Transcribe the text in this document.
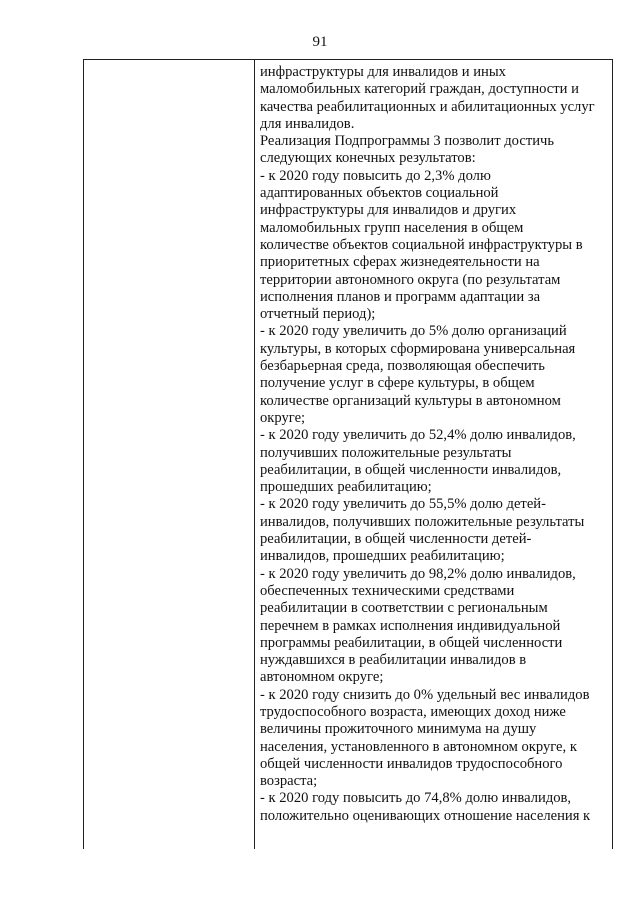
91
инфраструктуры для инвалидов и иных
маломобильных категорий граждан, доступности и
качества реабилитационных и абилитационных услуг
для инвалидов.
Реализация Подпрограммы 3 позволит достичь
следующих конечных результатов:
- к 2020 году повысить до 2,3% долю
адаптированных объектов социальной
инфраструктуры для инвалидов и других
маломобильных групп населения в общем
количестве объектов социальной инфраструктуры в
приоритетных сферах жизнедеятельности на
территории автономного округа (по результатам
исполнения планов и программ адаптации за
отчетный период);
- к 2020 году увеличить до 5% долю организаций
культуры, в которых сформирована универсальная
безбарьерная среда, позволяющая обеспечить
получение услуг в сфере культуры, в общем
количестве организаций культуры в автономном
округе;
- к 2020 году увеличить до 52,4% долю инвалидов,
получивших положительные результаты
реабилитации, в общей численности инвалидов,
прошедших реабилитацию;
- к 2020 году увеличить до 55,5% долю детей-
инвалидов, получивших положительные результаты
реабилитации, в общей численности детей-
инвалидов, прошедших реабилитацию;
- к 2020 году увеличить до 98,2% долю инвалидов,
обеспеченных техническими средствами
реабилитации в соответствии с региональным
перечнем в рамках исполнения индивидуальной
программы реабилитации, в общей численности
нуждавшихся в реабилитации инвалидов в
автономном округе;
- к 2020 году снизить до 0% удельный вес инвалидов
трудоспособного возраста, имеющих доход ниже
величины прожиточного минимума на душу
населения, установленного в автономном округе, к
общей численности инвалидов трудоспособного
возраста;
- к 2020 году повысить до 74,8% долю инвалидов,
положительно оценивающих отношение населения к
